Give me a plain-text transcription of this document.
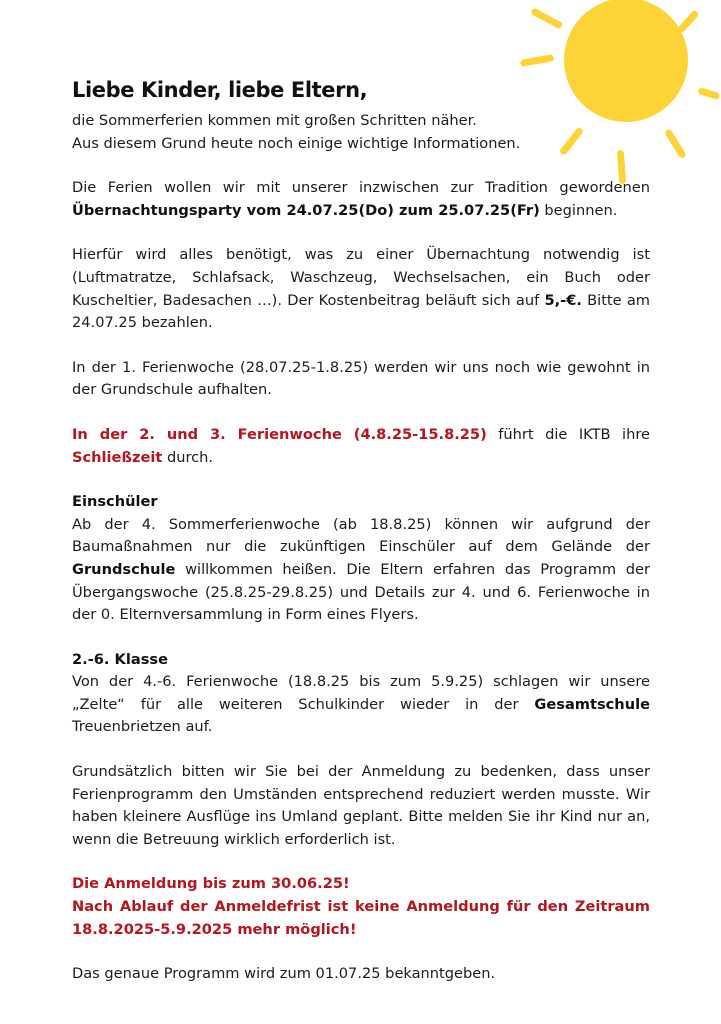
Liebe Kinder, liebe Eltern,

die Sommerferien kommen mit großen Schritten näher.
Aus diesem Grund heute noch einige wichtige Informationen.

Die Ferien wollen wir mit unserer inzwischen zur Tradition gewordenen Übernachtungsparty vom 24.07.25(Do) zum 25.07.25(Fr) beginnen.

Hierfür wird alles benötigt, was zu einer Übernachtung notwendig ist (Luftmatratze, Schlafsack, Waschzeug, Wechselsachen, ein Buch oder Kuscheltier, Badesachen …). Der Kostenbeitrag beläuft sich auf 5,-€. Bitte am 24.07.25 bezahlen.

In der 1. Ferienwoche (28.07.25-1.8.25) werden wir uns noch wie gewohnt in der Grundschule aufhalten.

In der 2. und 3. Ferienwoche (4.8.25-15.8.25) führt die IKTB ihre Schließzeit durch.

Einschüler

Ab der 4. Sommerferienwoche (ab 18.8.25) können wir aufgrund der Baumaßnahmen nur die zukünftigen Einschüler auf dem Gelände der Grundschule willkommen heißen. Die Eltern erfahren das Programm der Übergangswoche (25.8.25-29.8.25) und Details zur 4. und 6. Ferienwoche in der 0. Elternversammlung in Form eines Flyers.

2.-6. Klasse

Von der 4.-6. Ferienwoche (18.8.25 bis zum 5.9.25) schlagen wir unsere „Zelte“ für alle weiteren Schulkinder wieder in der Gesamtschule Treuenbrietzen auf.

Grundsätzlich bitten wir Sie bei der Anmeldung zu bedenken, dass unser Ferienprogramm den Umständen entsprechend reduziert werden musste. Wir haben kleinere Ausflüge ins Umland geplant. Bitte melden Sie ihr Kind nur an, wenn die Betreuung wirklich erforderlich ist.

Die Anmeldung bis zum 30.06.25!

Nach Ablauf der Anmeldefrist ist keine Anmeldung für den Zeitraum 18.8.2025-5.9.2025 mehr möglich!

Das genaue Programm wird zum 01.07.25 bekanntgeben.
